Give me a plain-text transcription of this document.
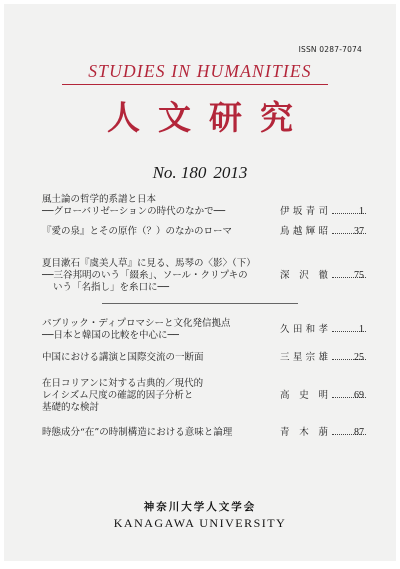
ISSN 0287-7074
STUDIES IN HUMANITIES
人文研究
No. 180 2013
風土論の哲学的系譜と日本
──グローバリゼーションの時代のなかで──	伊 坂 青 司	1
『愛の泉』とその原作（？）のなかのローマ	鳥 越 輝 昭	37
夏目漱石『虞美人草』に見る、馬琴の〈影〉（下）
──三谷邦明のいう「綴糸」、ソール・クリプキの
いう「名指し」を糸口に──
深 沢 徹	75
パブリック・ディプロマシーと文化発信拠点
──日本と韓国の比較を中心に──
久 田 和 孝	1
中国における講演と国際交流の一断面	三 星 宗 雄	25
在日コリアンに対する古典的／現代的
レイシズム尺度の確認的因子分析と
基礎的な検討
高 史 明	69
時態成分“在”の時制構造における意味と論理	青 木 萠	87
神奈川大学人文学会
KANAGAWA UNIVERSITY
